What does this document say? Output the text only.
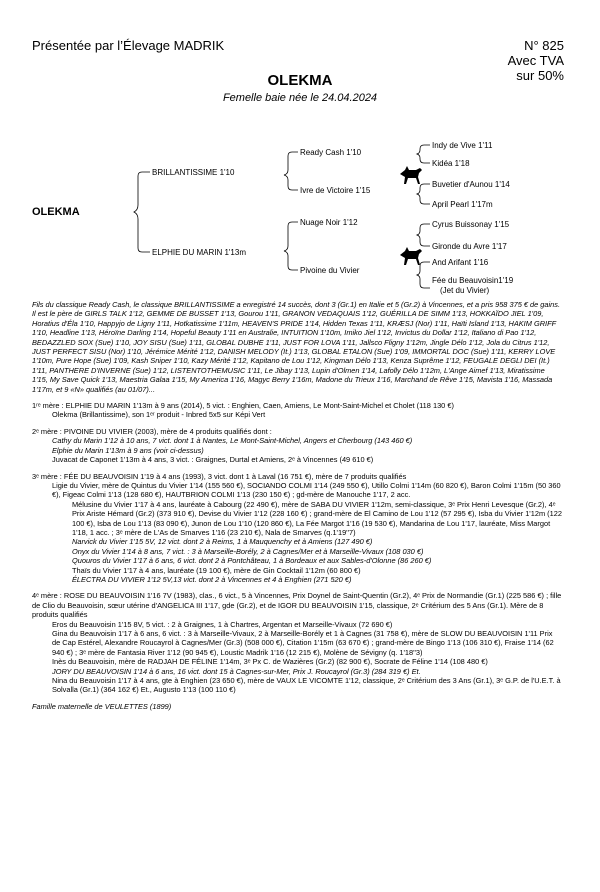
Présentée par l’Élevage MADRIK	N° 825
Avec TVA
sur 50%
OLEKMA
Femelle baie née le 24.04.2024
OLEKMA
BRILLANTISSIME 1'10
ELPHIE DU MARIN 1'13m
Ready Cash 1'10
Ivre de Victoire 1'15
Nuage Noir 1'12
Pivoine du Vivier
Indy de Vive 1'11
Kidéa 1'18
Buvetier d'Aunou 1'14
April Pearl 1'17m
Cyrus Buissonay 1'15
Gironde du Avre 1'17
And Arifant 1'16
Fée du Beauvoisin1'19
(Jet du Vivier)

Fils du classique Ready Cash, le classique BRILLANTISSIME a enregistré 14 succès, dont 3 (Gr.1) en Italie et 5 (Gr.2) à Vincennes, et a pris 958 375 € de gains. Il est le père de GIRLS TALK 1'12, GEMME DE BUSSET 1'13, Gourou 1'11, GRANON VEDAQUAIS 1'12, GUÉRILLA DE SIMM 1'13, HOKKAÏDO JIEL 1'09, Horatius d'Éla 1'10, Happyjo de Ligny 1'11, Hotkatissime 1'11m, HEAVEN'S PRIDE 1'14, Hidden Texas 1'11, KRÆSJ (Nor) 1'11, Haïti Island 1'13, HAKIM GRIFF 1'10, Headline 1'13, Héroïne Darling 1'14, Hopeful Beauty 1'11 en Australie, INTUITION 1'10m, Imiko Jiel 1'12, Invictus du Dollar 1'12, Italiano di Pao 1'12, BEDAZZLED SOX (Sue) 1'10, JOY SISU (Sue) 1'11, GLOBAL DUBHE 1'11, JUST FOR LOVA 1'11, Jallsco Fligny 1'12m, Jingle Délo 1'12, Jola du Citrus 1'12, JUST PERFECT SISU (Nor) 1'10, Jérémice Mérité 1'12, DANISH MELODY (It.) 1'13, GLOBAL ETALON (Sue) 1'09, IMMORTAL DOC (Sue) 1'11, KERRY LOVE 1'10m, Pure Hope (Sue) 1'09, Kash Sniper 1'10, Kazy Mérité 1'12, Kapitano de Lou 1'12, Kingman Délo 1'13, Kenza Suprême 1'12, FEUGALE DEGLI DEI (It.) 1'11, PANTHERE D'INVERNE (Sue) 1'12, LISTENTOTHEMUSIC 1'11, Le Jibay 1'13, Lupin d'Olmen 1'14, Lafolly Délo 1'12m, L'Ange Aimef 1'13, Miratissime 1'15, My Save Quick 1'13, Maestria Galaa 1'15, My America 1'16, Magyc Berry 1'16m, Madone du Trieux 1'16, Marchand de Rêve 1'15, Mavista 1'16, Massada 1'17m, et 9 «N» qualifiés (au 01/07)...

1ʳᵉ mère : ELPHIE DU MARIN 1'13m à 9 ans (2014), 5 vict. : Enghien, Caen, Amiens, Le Mont-Saint-Michel et Cholet (118 130 €)

Olekma (Brillantissime), son 1ᵉʳ produit - Inbred 5x5 sur Képi Vert

2ᵉ mère : PIVOINE DU VIVIER (2003), mère de 4 produits qualifiés dont :

Cathy du Marin 1'12 à 10 ans, 7 vict. dont 1 à Nantes, Le Mont-Saint-Michel, Angers et Cherbourg (143 460 €)

Elphie du Marin 1'13m à 9 ans (voir ci-dessus)

Juvacat de Caponet 1'13m à 4 ans, 3 vict. : Graignes, Durtal et Amiens, 2ᵉ à Vincennes (49 610 €)

3ᵉ mère : FÉE DU BEAUVOISIN 1'19 à 4 ans (1993), 3 vict. dont 1 à Laval (16 751 €), mère de 7 produits qualifiés

Ligie du Vivier, mère de Quintus du Vivier 1'14 (155 560 €), SOCIANDO COLMI 1'14 (249 550 €), Utillo Colmi 1'14m (60 820 €), Baron Colmi 1'15m (50 360 €), Figeac Colmi 1'13 (128 680 €), HAUTBRION COLMI 1'13 (230 150 €) ; gd-mère de Manouche 1'17, 2 acc.

Mélusine du Vivier 1'17 à 4 ans, lauréate à Cabourg (22 490 €), mère de SABA DU VIVIER 1'12m, semi-classique, 3ᵉ Prix Henri Levesque (Gr.2), 4ᵉ Prix Ariste Hémard (Gr.2) (373 910 €), Devise du Vivier 1'12 (228 160 €) ; grand-mère de El Camino de Lou 1'12 (57 295 €), Isba du Vivier 1'12m (122 100 €), Isba de Lou 1'13 (83 090 €), Junon de Lou 1'10 (120 860 €), La Fée Margot 1'16 (19 530 €), Mandarina de Lou 1'17, lauréate, Miss Margot 1'18, 1 acc. ; 3ᵉ mère de L'As de Smarves 1'16 (23 210 €), Nala de Smarves (q.1'19''7)

Narvick du Vivier 1'15 5V, 12 vict. dont 2 à Reims, 1 à Mauquenchy et à Amiens (127 490 €)

Onyx du Vivier 1'14 à 8 ans, 7 vict. : 3 à Marseille-Borély, 2 à Cagnes/Mer et à Marseille-Vivaux (108 030 €)

Quouros du Vivier 1'17 à 6 ans, 6 vict. dont 2 à Pontchâteau, 1 à Bordeaux et aux Sables-d'Olonne (86 260 €)

Thaïs du Vivier 1'17 à 4 ans, lauréate (19 100 €), mère de Gin Cocktail 1'12m (60 800 €)

ÉLECTRA DU VIVIER 1'12 5V,13 vict. dont 2 à Vincennes et 4 à Enghien (271 520 €)

4ᵉ mère : ROSE DU BEAUVOISIN 1'16 7V (1983), clas., 6 vict., 5 à Vincennes, Prix Doynel de Saint-Quentin (Gr.2), 4ᵉ Prix de Normandie (Gr.1) (225 586 €) ; fille de Clio du Beauvoisin, sœur utérine d'ANGELICA III 1'17, gde (Gr.2), et de IGOR DU BEAUVOISIN 1'15, classique, 2ᵉ Critérium des 5 Ans (Gr.1). Mère de 8 produits qualifiés

Eros du Beauvoisin 1'15 8V, 5 vict. : 2 à Graignes, 1 à Chartres, Argentan et Marseille-Vivaux (72 690 €)

Gina du Beauvoisin 1'17 à 6 ans, 6 vict. : 3 à Marseille-Vivaux, 2 à Marseille-Borély et 1 à Cagnes (31 758 €), mère de SLOW DU BEAUVOISIN 1'11 Prix de Cap Estérel, Alexandre Roucayrol à Cagnes/Mer (Gr.3) (508 000 €), Citation 1'15m (63 670 €) ; grand-mère de Bingo 1'13 (106 310 €), Fraise 1'14 (62 940 €) ; 3ᵉ mère de Fantasia River 1'12 (90 945 €), Loustic Madrik 1'16 (12 215 €), Molène de Sévigny (q. 1'18''3)

Inès du Beauvoisin, mère de RADJAH DE FÉLINE 1'14m, 3ᵉ Px C. de Wazières (Gr.2) (82 900 €), Socrate de Féline 1'14 (108 480 €)

JORY DU BEAUVOISIN 1'14 à 6 ans, 16 vict. dont 15 à Cagnes-sur-Mer, Prix J. Roucayrol (Gr.3) (284 319 €) Et.

Nina du Beauvoisin 1'17 à 4 ans, gte à Enghien (23 650 €), mère de VAUX LE VICOMTE 1'12, classique, 2ᵉ Critérium des 3 Ans (Gr.1), 3ᵉ G.P. de l'U.E.T. à Solvalla (Gr.1) (364 162 €) Et., Augusto 1'13 (100 110 €)

Famille maternelle de VEULETTES (1899)
